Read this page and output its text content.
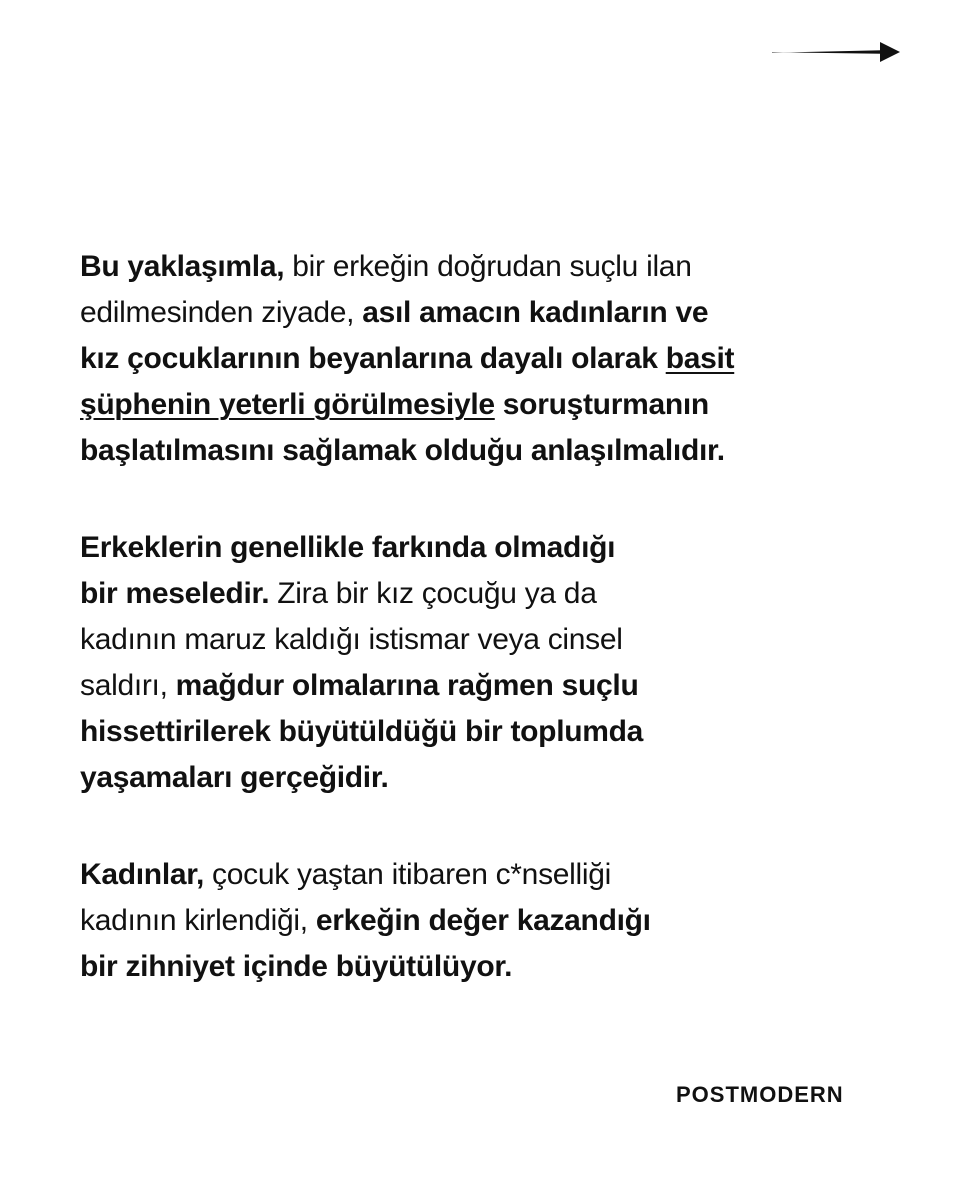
Bu yaklaşımla, bir erkeğin doğrudan suçlu ilan
edilmesinden ziyade, asıl amacın kadınların ve
kız çocuklarının beyanlarına dayalı olarak basit
şüphenin yeterli görülmesiyle soruşturmanın
başlatılmasını sağlamak olduğu anlaşılmalıdır.

Erkeklerin genellikle farkında olmadığı
bir meseledir. Zira bir kız çocuğu ya da
kadının maruz kaldığı istismar veya cinsel
saldırı, mağdur olmalarına rağmen suçlu
hissettirilerek büyütüldüğü bir toplumda
yaşamaları gerçeğidir.

Kadınlar, çocuk yaştan itibaren c*nselliği
kadının kirlendiği, erkeğin değer kazandığı
bir zihniyet içinde büyütülüyor.

POSTMODERN
